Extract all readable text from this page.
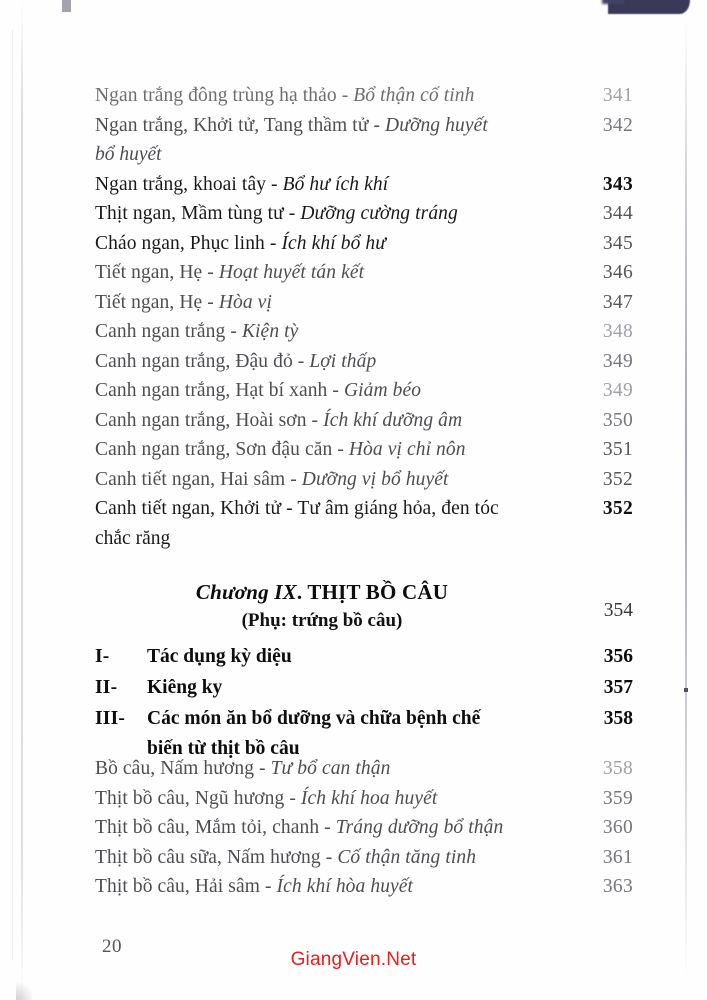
Ngan trắng đông trùng hạ thảo - Bổ thận cố tinh	341
Ngan trắng, Khởi tử, Tang thầm tử - Dưỡng huyết	342
bổ huyết
Ngan trắng, khoai tây - Bổ hư ích khí	343
Thịt ngan, Mầm tùng tư - Dưỡng cường tráng	344
Cháo ngan, Phục linh - Ích khí bổ hư	345
Tiết ngan, Hẹ - Hoạt huyết tán kết	346
Tiết ngan, Hẹ - Hòa vị	347
Canh ngan trắng - Kiện tỳ	348
Canh ngan trắng, Đậu đỏ - Lợi thấp	349
Canh ngan trắng, Hạt bí xanh - Giảm béo	349
Canh ngan trắng, Hoài sơn - Ích khí dưỡng âm	350
Canh ngan trắng, Sơn đậu căn - Hòa vị chỉ nôn	351
Canh tiết ngan, Hai sâm - Dưỡng vị bổ huyết	352
Canh tiết ngan, Khởi tử - Tư âm giáng hỏa, đen tóc	352
chắc răng
Chương IX. THỊT BỒ CÂU
(Phụ: trứng bồ câu)	354
I-	Tác dụng kỳ diệu	356
II-	Kiêng ky	357
III-	Các món ăn bổ dưỡng và chữa bệnh chế	358
biến từ thịt bồ câu
Bồ câu, Nấm hương - Tư bổ can thận	358
Thịt bồ câu, Ngũ hương - Ích khí hoa huyết	359
Thịt bồ câu, Mắm tỏi, chanh - Tráng dưỡng bổ thận	360
Thịt bồ câu sữa, Nấm hương - Cố thận tăng tinh	361
Thịt bồ câu, Hải sâm - Ích khí hòa huyết	363
20
GiangVien.Net
